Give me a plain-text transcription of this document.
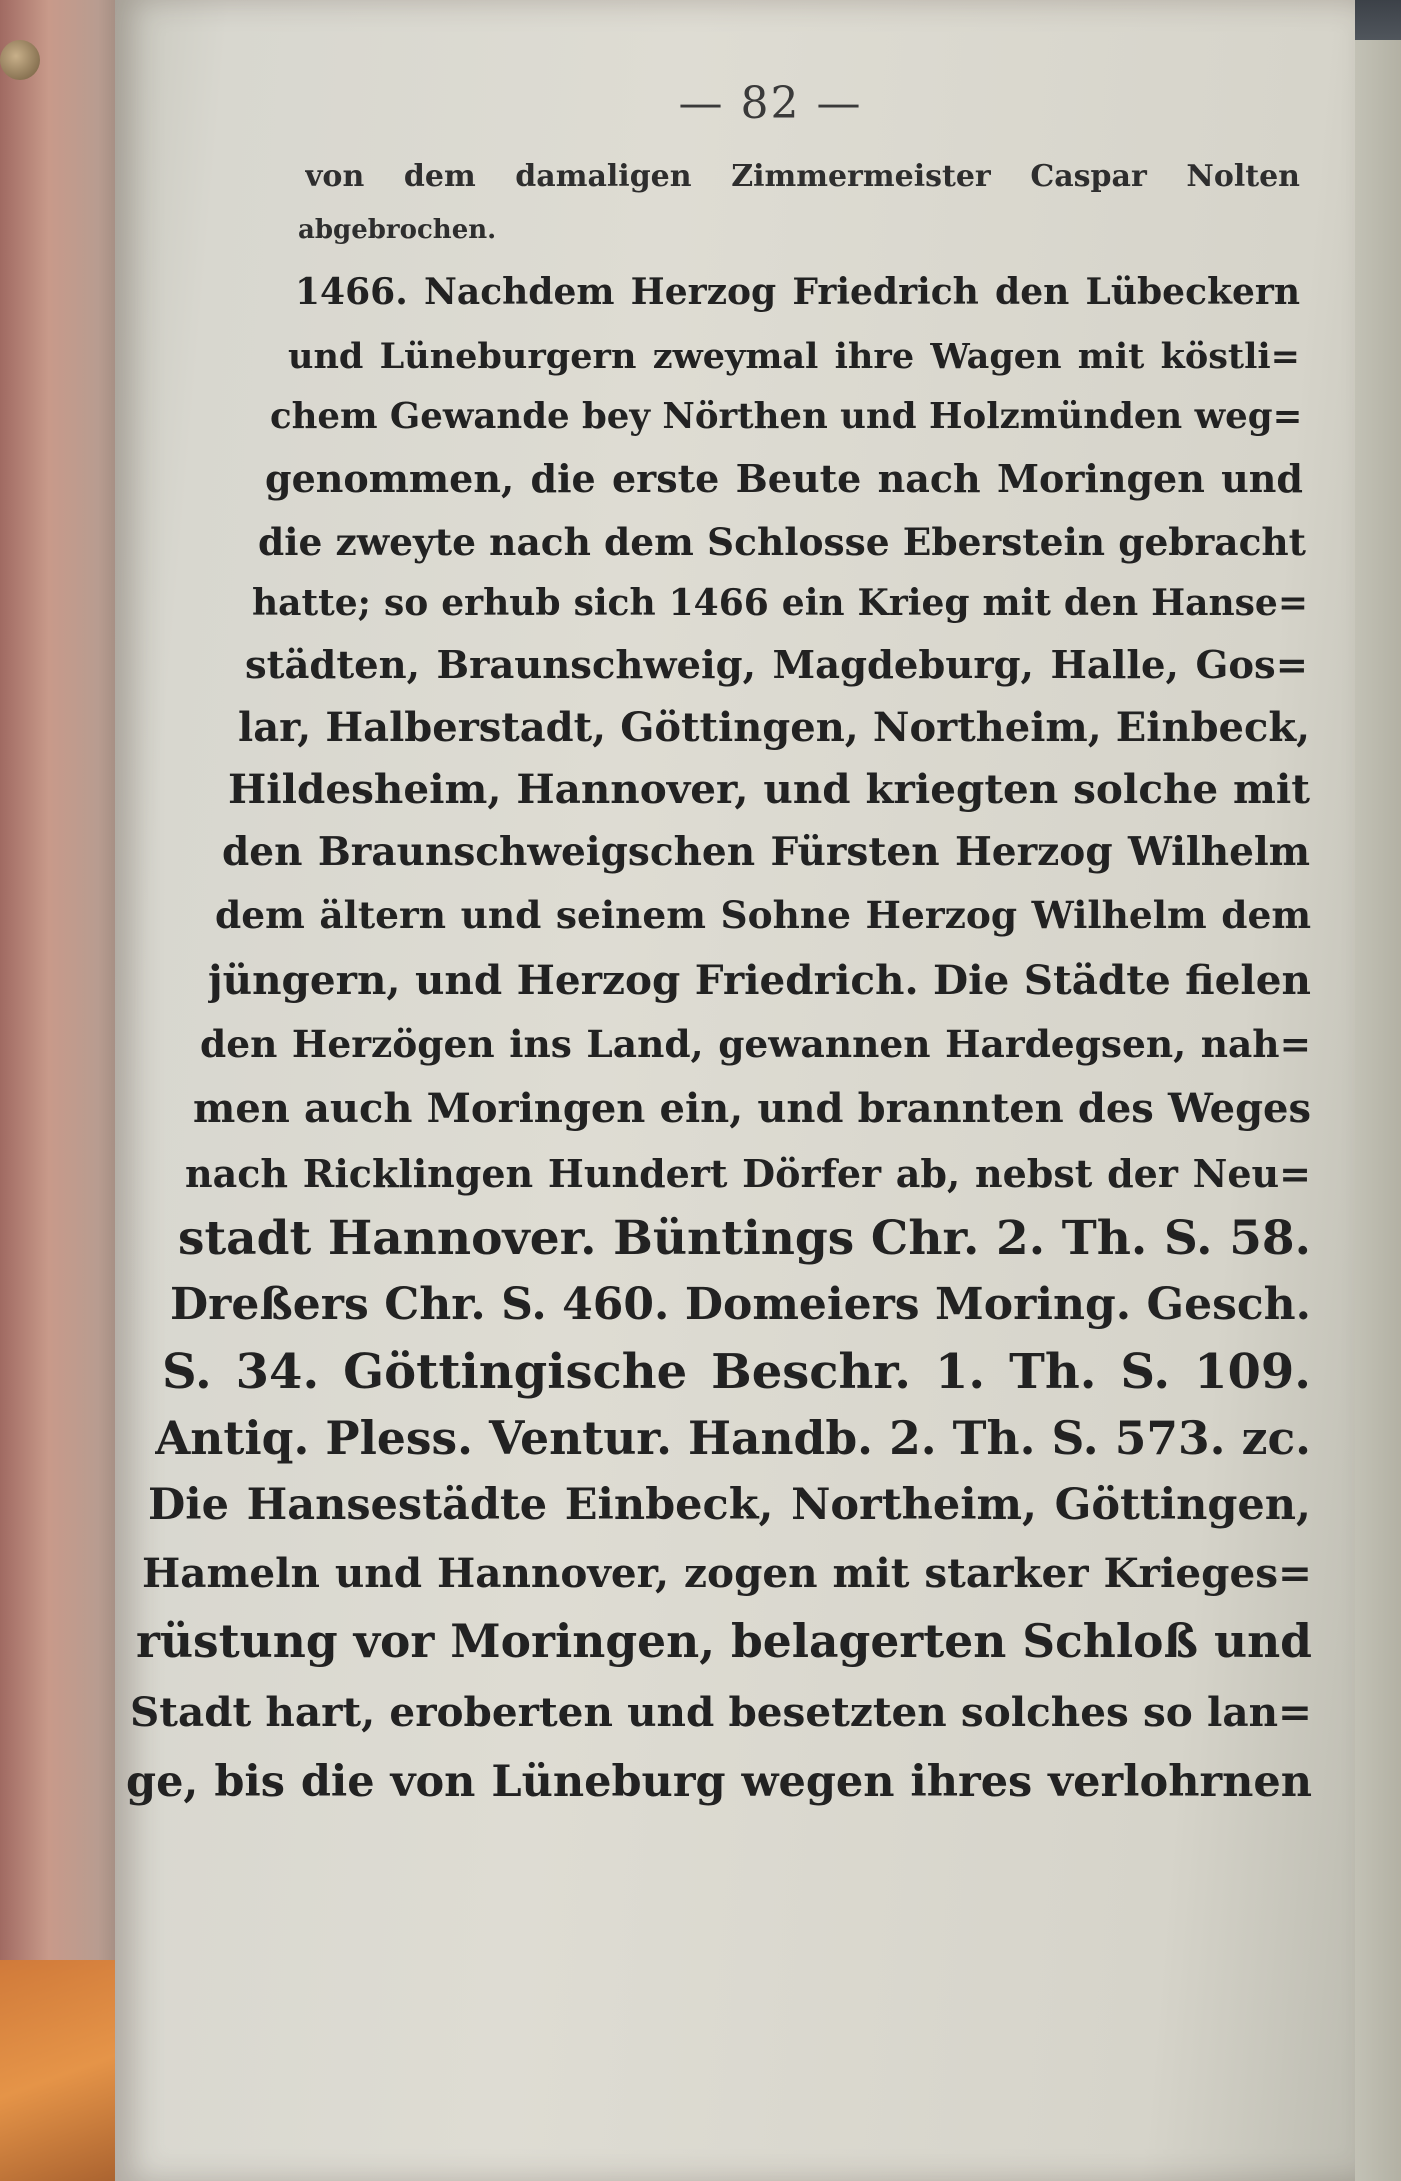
— 82 —
von dem damaligen Zimmermeister Caspar Nolten
abgebrochen.
1466. Nachdem Herzog Friedrich den Lübeckern
und Lüneburgern zweymal ihre Wagen mit köstli=
chem Gewande bey Nörthen und Holzmünden weg=
genommen, die erste Beute nach Moringen und
die zweyte nach dem Schlosse Eberstein gebracht
hatte; so erhub sich 1466 ein Krieg mit den Hanse=
städten, Braunschweig, Magdeburg, Halle, Gos=
lar, Halberstadt, Göttingen, Northeim, Einbeck,
Hildesheim, Hannover, und kriegten solche mit
den Braunschweigschen Fürsten Herzog Wilhelm
dem ältern und seinem Sohne Herzog Wilhelm dem
jüngern, und Herzog Friedrich. Die Städte fielen
den Herzögen ins Land, gewannen Hardegsen, nah=
men auch Moringen ein, und brannten des Weges
nach Ricklingen Hundert Dörfer ab, nebst der Neu=
stadt Hannover. Büntings Chr. 2. Th. S. 58.
Dreßers Chr. S. 460. Domeiers Moring. Gesch.
S. 34. Göttingische Beschr. 1. Th. S. 109.
Antiq. Pless. Ventur. Handb. 2. Th. S. 573. zc.
Die Hansestädte Einbeck, Northeim, Göttingen,
Hameln und Hannover, zogen mit starker Krieges=
rüstung vor Moringen, belagerten Schloß und
Stadt hart, eroberten und besetzten solches so lan=
ge, bis die von Lüneburg wegen ihres verlohrnen
